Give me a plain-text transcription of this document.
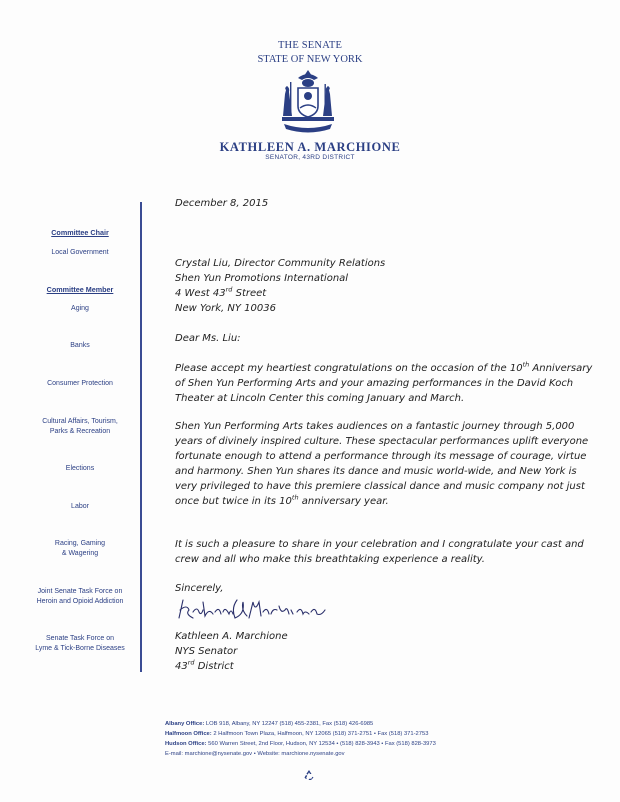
THE SENATE
STATE OF NEW YORK
KATHLEEN A. MARCHIONE
SENATOR, 43RD DISTRICT
Committee Chair
Local Government
Committee Member
Aging
Banks
Consumer Protection
Cultural Affairs, Tourism,
Parks & Recreation
Elections
Labor
Racing, Gaming
& Wagering
Joint Senate Task Force on
Heroin and Opioid Addiction
Senate Task Force on
Lyme & Tick-Borne Diseases
December 8, 2015

Crystal Liu, Director Community Relations

Shen Yun Promotions International

4 West 43rd Street

New York, NY 10036

Dear Ms. Liu:

Please accept my heartiest congratulations on the occasion of the 10th Anniversary of Shen Yun Performing Arts and your amazing performances in the David Koch Theater at Lincoln Center this coming January and March.

Shen Yun Performing Arts takes audiences on a fantastic journey through 5,000 years of divinely inspired culture. These spectacular performances uplift everyone fortunate enough to attend a performance through its message of courage, virtue and harmony. Shen Yun shares its dance and music world-wide, and New York is very privileged to have this premiere classical dance and music company not just once but twice in its 10th anniversary year.

It is such a pleasure to share in your celebration and I congratulate your cast and crew and all who make this breathtaking experience a reality.

Sincerely,

Kathleen A. Marchione

NYS Senator

43rd District

Albany Office: LOB 918, Albany, NY 12247 (518) 455-2381, Fax (518) 426-6985
Halfmoon Office: 2 Halfmoon Town Plaza, Halfmoon, NY 12065 (518) 371-2751 • Fax (518) 371-2753
Hudson Office: 560 Warren Street, 2nd Floor, Hudson, NY 12534 • (518) 828-3943 • Fax (518) 828-3973
E-mail: marchione@nysenate.gov • Website: marchione.nysenate.gov
